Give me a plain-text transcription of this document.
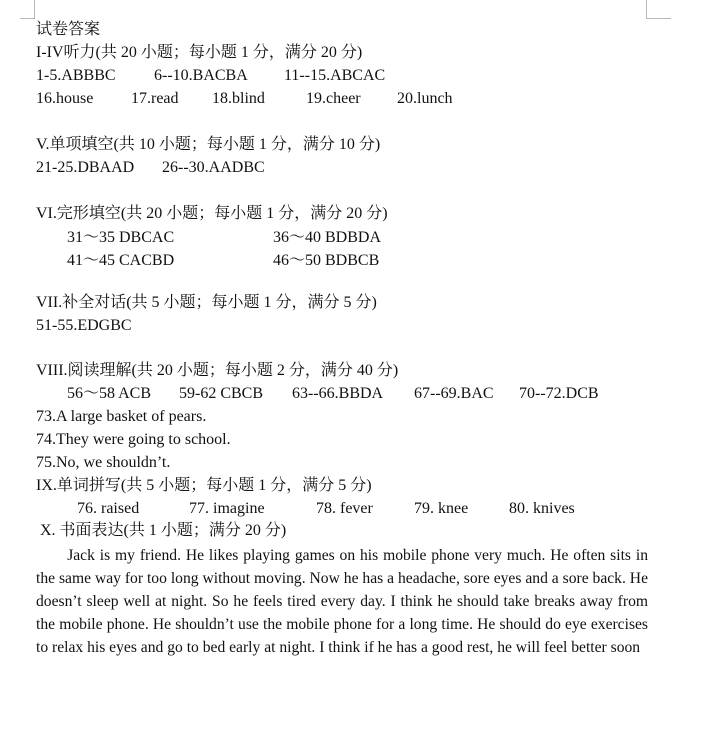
试卷答案
I-IV听力(共 20 小题；每小题 1 分，满分 20 分)
1-5.ABBBC 6--10.BACBA 11--15.ABCAC
16.house 17.read 18.blind	19.cheer 20.lunch
V.单项填空(共 10 小题；每小题 1 分，满分 10 分)
21-25.DBAAD 26--30.AADBC
VI.完形填空(共 20 小题；每小题 1 分，满分 20 分)
31～35 DBCAC	36～40 BDBDA
41～45 CACBD	46～50 BDBCB
VII.补全对话(共 5 小题；每小题 1 分，满分 5 分)
51-55.EDGBC
VIII.阅读理解(共 20 小题；每小题 2 分，满分 40 分)
56～58 ACB 59-62 CBCB 63--66.BBDA 67--69.BAC 70--72.DCB
73.A large basket of pears.
74.They were going to school.
75.No, we shouldn’t.
IX.单词拼写(共 5 小题；每小题 1 分，满分 5 分)
76. raised	77. imagine	78. fever	79. knee	80. knives
X. 书面表达(共 1 小题；满分 20 分)

Jack is my friend. He likes playing games on his mobile phone very much. He often sits in the same way for too long without moving. Now he has a headache, sore eyes and a sore back. He doesn’t sleep well at night. So he feels tired every day. I think he should take breaks away from the mobile phone. He shouldn’t use the mobile phone for a long time. He should do eye exercises to relax his eyes and go to bed early at night. I think if he has a good rest, he will feel better soon
